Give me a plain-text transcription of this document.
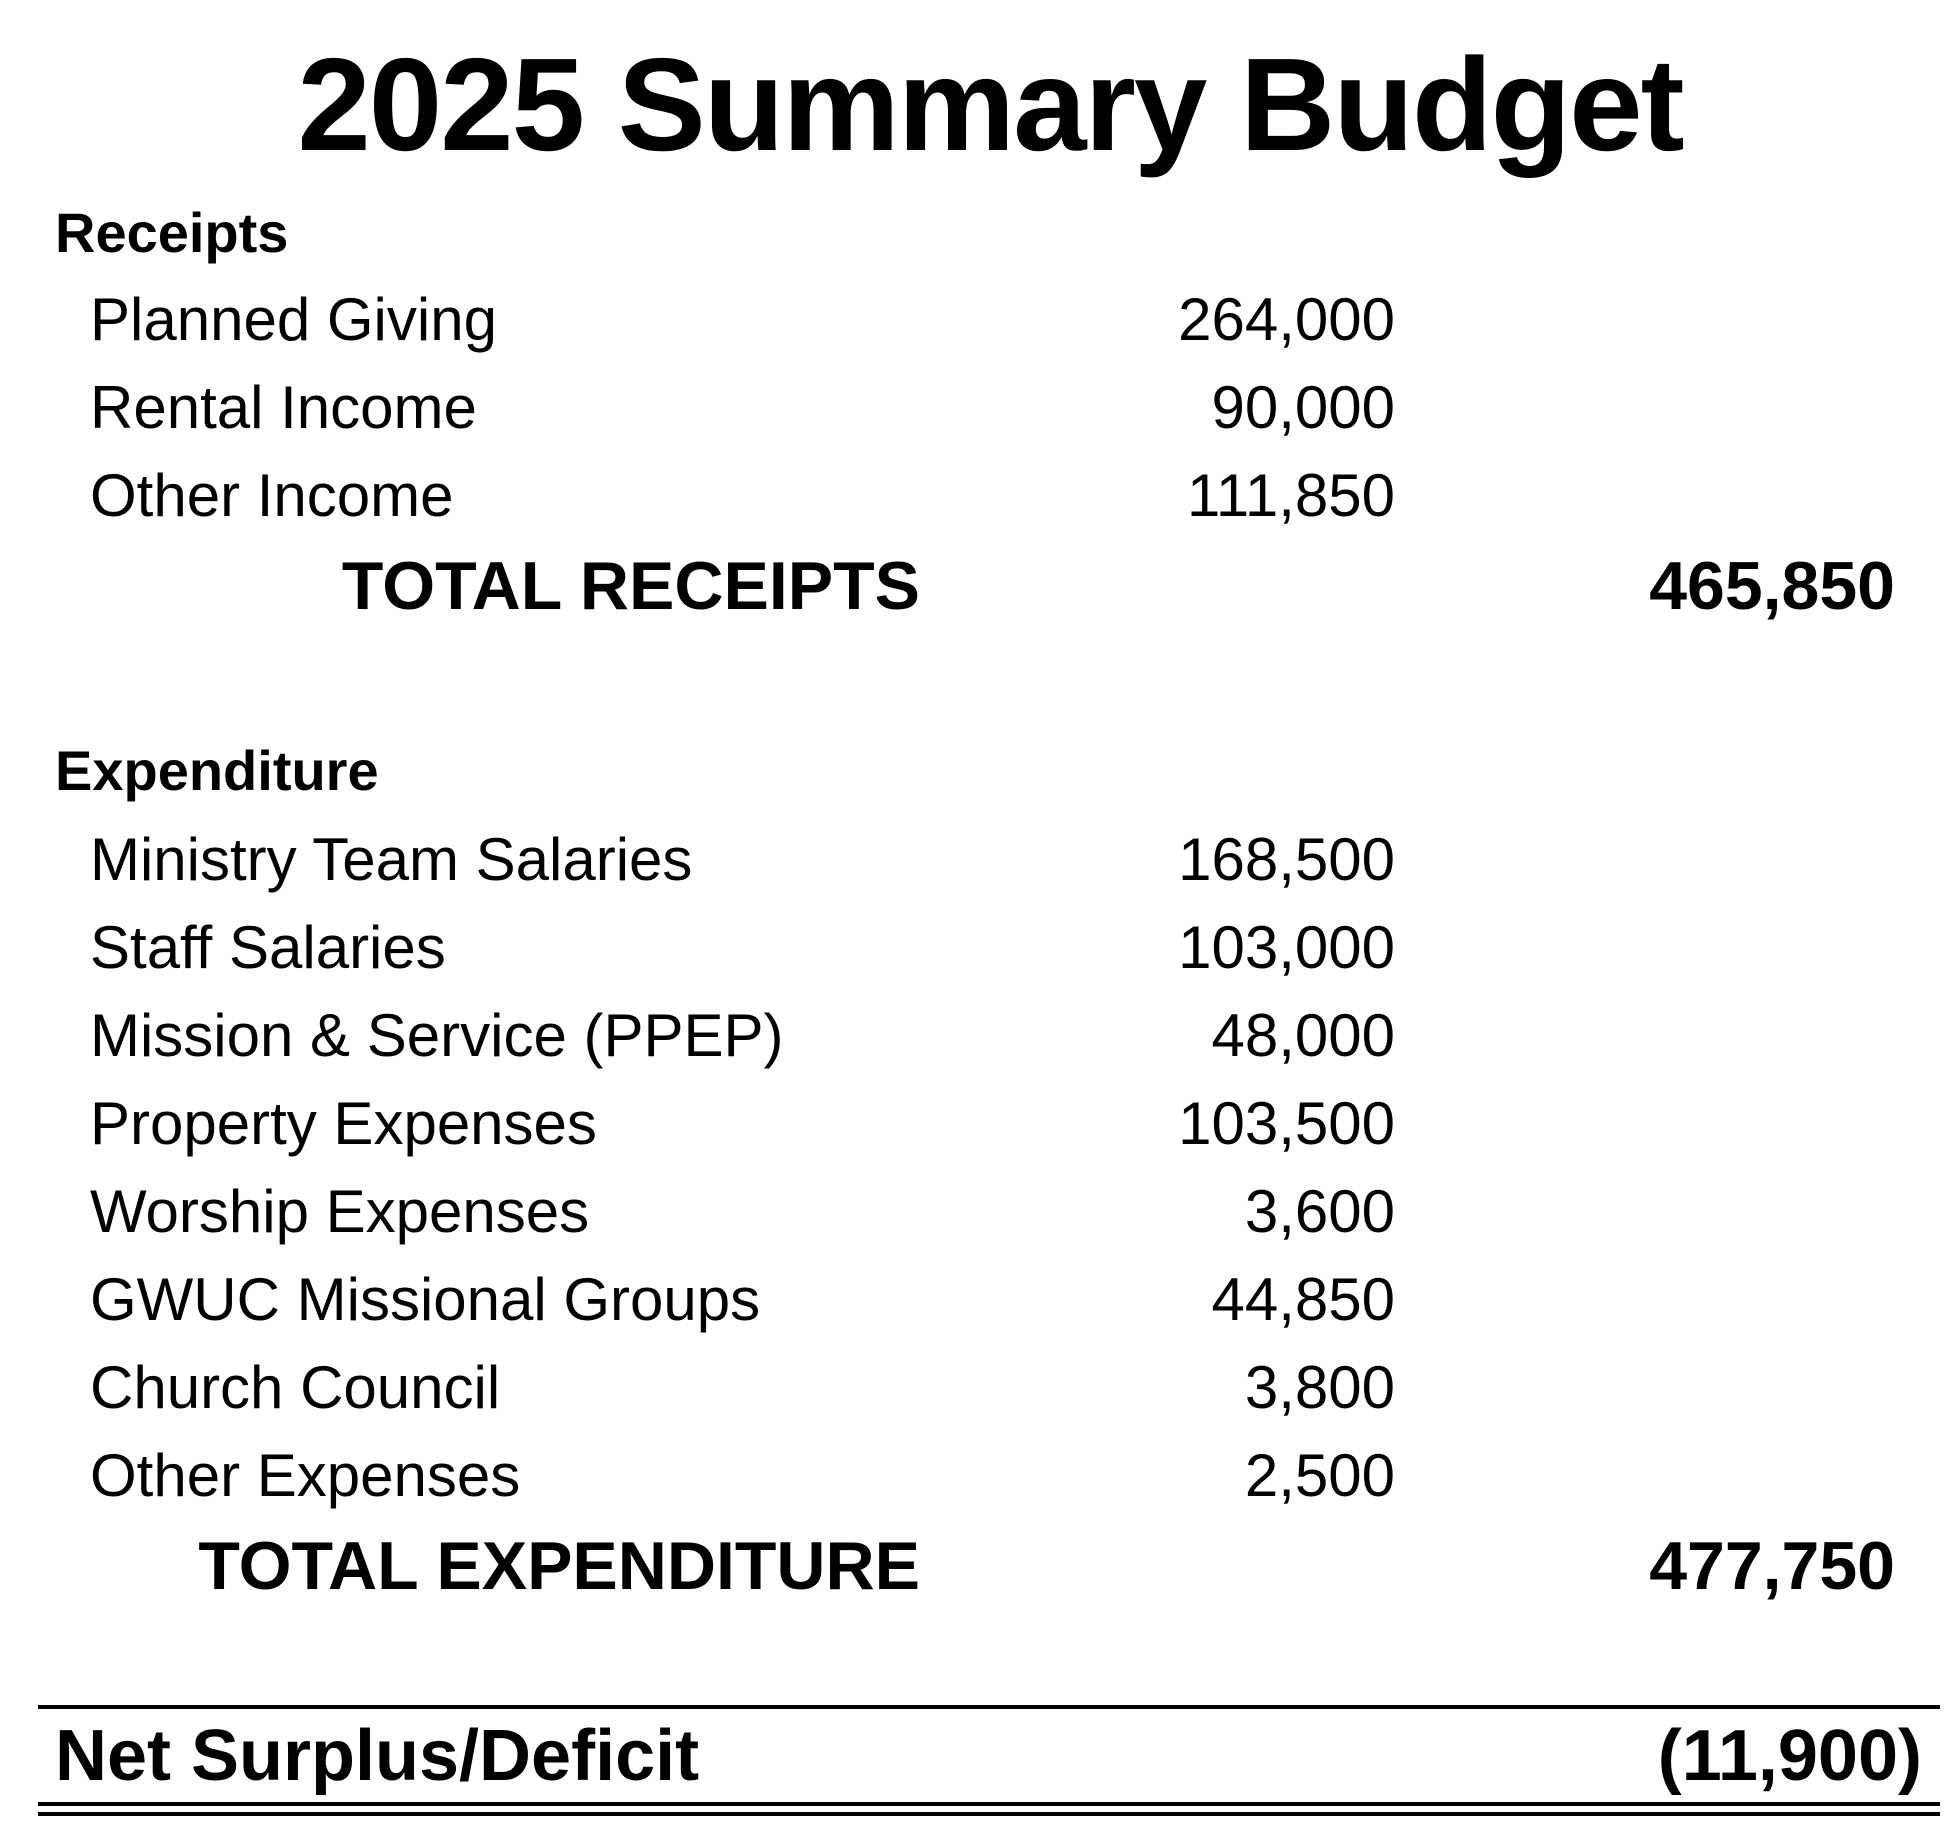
2025 Summary Budget
Receipts
Planned Giving	264,000
Rental Income	90,000
Other Income	111,850
TOTAL RECEIPTS	465,850
Expenditure
Ministry Team Salaries	168,500
Staff Salaries	103,000
Mission & Service (PPEP)	48,000
Property Expenses	103,500
Worship Expenses	3,600
GWUC Missional Groups	44,850
Church Council	3,800
Other Expenses	2,500
TOTAL EXPENDITURE	477,750
Net Surplus/Deficit	(11,900)
